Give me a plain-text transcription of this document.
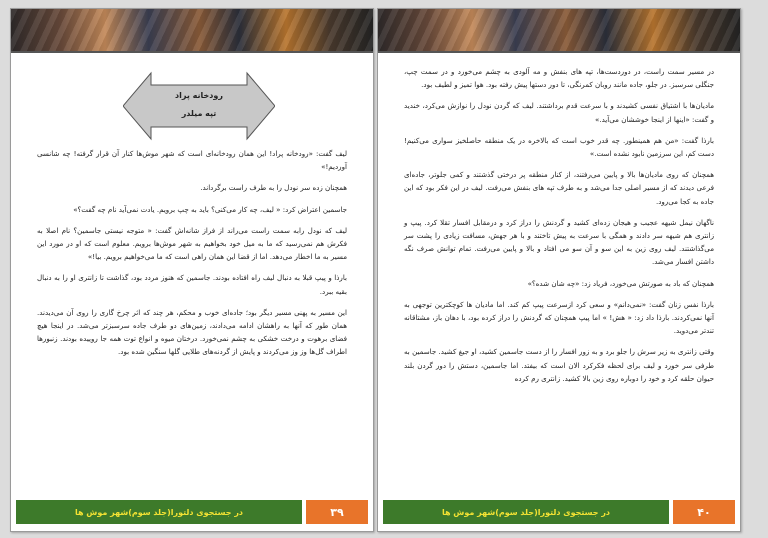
رودخانه پراد
تپه میلدر

لیف گفت: «رودخانه پراد! این همان رودخانه‌ای است که شهر موش‌ها کنار آن قرار گرفته! چه شانسی آوردیم!»

همچنان زده سر نودل را به طرف راست برگرداند.

جاسمین اعتراض کرد: « لیف، چه کار می‌کنی؟ باید به چپ برویم. یادت نمی‌آید نام چه گفت؟»

لیف که نودل رابه سمت راست می‌راند از فراز شانه‌اش گفت: « متوجه نیستی جاسمین؟ نام اصلا به فکرش هم نمی‌رسید که ما به میل خود بخواهیم به شهر موش‌ها برویم. معلوم است که او در مورد این مسیر به ما اخطار می‌دهد. اما از قضا این همان راهی است که ما می‌خواهیم برویم. بیا!»

بارذا و پیپ قبلا به دنبال لیف راه افتاده بودند. جاسمین که هنوز مردد بود، گذاشت تا زانتری او را به دنبال بقیه ببرد.

این مسیر به پهنی مسیر دیگر بود؛ جاده‌ای خوب و محکم، هر چند که اثر چرخ گاری را روی آن می‌دیدند. همان طور که آنها به راهشان ادامه می‌دادند، زمین‌های دو طرف جاده سرسبزتر می‌شد. در اینجا هیچ فضای برهوت و درخت خشکی به چشم نمی‌خورد. درختان میوه و انواع توت همه جا روییده بودند. زنبورها اطراف گل‌ها وز وز می‌کردند و پایش از گردنه‌های طلایی گلها سنگین شده بود.

در جستجوی دلتورا(جلد سوم)شهر موش ها	۳۹

در مسیر سمت راست، در دوردست‌ها، تپه های بنفش و مه آلودی به چشم می‌خورد و در سمت چپ، جنگلی سرسبز. در جلو، جاده مانند روبان کمرنگی، تا دور دستها پیش رفته بود. هوا تمیز و لطیف بود.

مادیان‌ها با اشتیاق نفسی کشیدند و با سرعت قدم برداشتند. لیف که گردن نودل را نوازش می‌کرد، خندید و گفت: «اینها از اینجا خوششان می‌آید.»

بارذا گفت: «من هم همینطور. چه قدر خوب است که بالاخره در یک منطقه حاصلخیز سواری می‌کنیم! دست کم، این سرزمین نابود نشده است.»

همچنان که روی مادیان‌ها بالا و پایین می‌رفتند، از کنار منطقه پر درختی گذشتند و کمی جلوتر، جاده‌ای فرعی دیدند که از مسیر اصلی جدا می‌شد و به طرف تپه های بنفش می‌رفت. لیف در این فکر بود که این جاده به کجا می‌رود.

ناگهان نیمل شیهه عجیب و هیجان زده‌ای کشید و گردنش را دراز کرد و درمقابل افسار تقلا کرد. پیپ و زانتری هم شیهه سر دادند و همگی با سرعت به پیش تاختند و با هر جهش، مسافت زیادی را پشت سر می‌گذاشتند. لیف روی زین به این سو و آن سو می افتاد و بالا و پایین می‌رفت. تمام توانش صرف نگه داشتن افسار می‌شد.

همچنان که باد به صورتش می‌خورد، فریاد زد: «چه شان شده؟»

بارذا نفس زنان گفت: «نمی‌دانم» و سعی کرد ازسرعت پیپ کم کند. اما مادیان ها کوچکترین توجهی به آنها نمی‌کردند. بارذا داد زد: « هش! » اما پیپ همچنان که گردنش را دراز کرده بود، با دهان باز، مشتاقانه تندتر می‌دوید.

وقتی زانتری به زیر سرش را جلو برد و به زور افسار را از دست جاسمین کشید، او جیغ کشید. جاسمین به طرفی سر خورد و لیف برای لحظه فکرکرد الان است که بیفتد. اما جاسمین، دستش را دور گردن بلند حیوان حلقه کرد و خود را دوباره روی زین بالا کشید. زانتری رم کرده

در جستجوی دلتورا(جلد سوم)شهر موش ها	۴۰
